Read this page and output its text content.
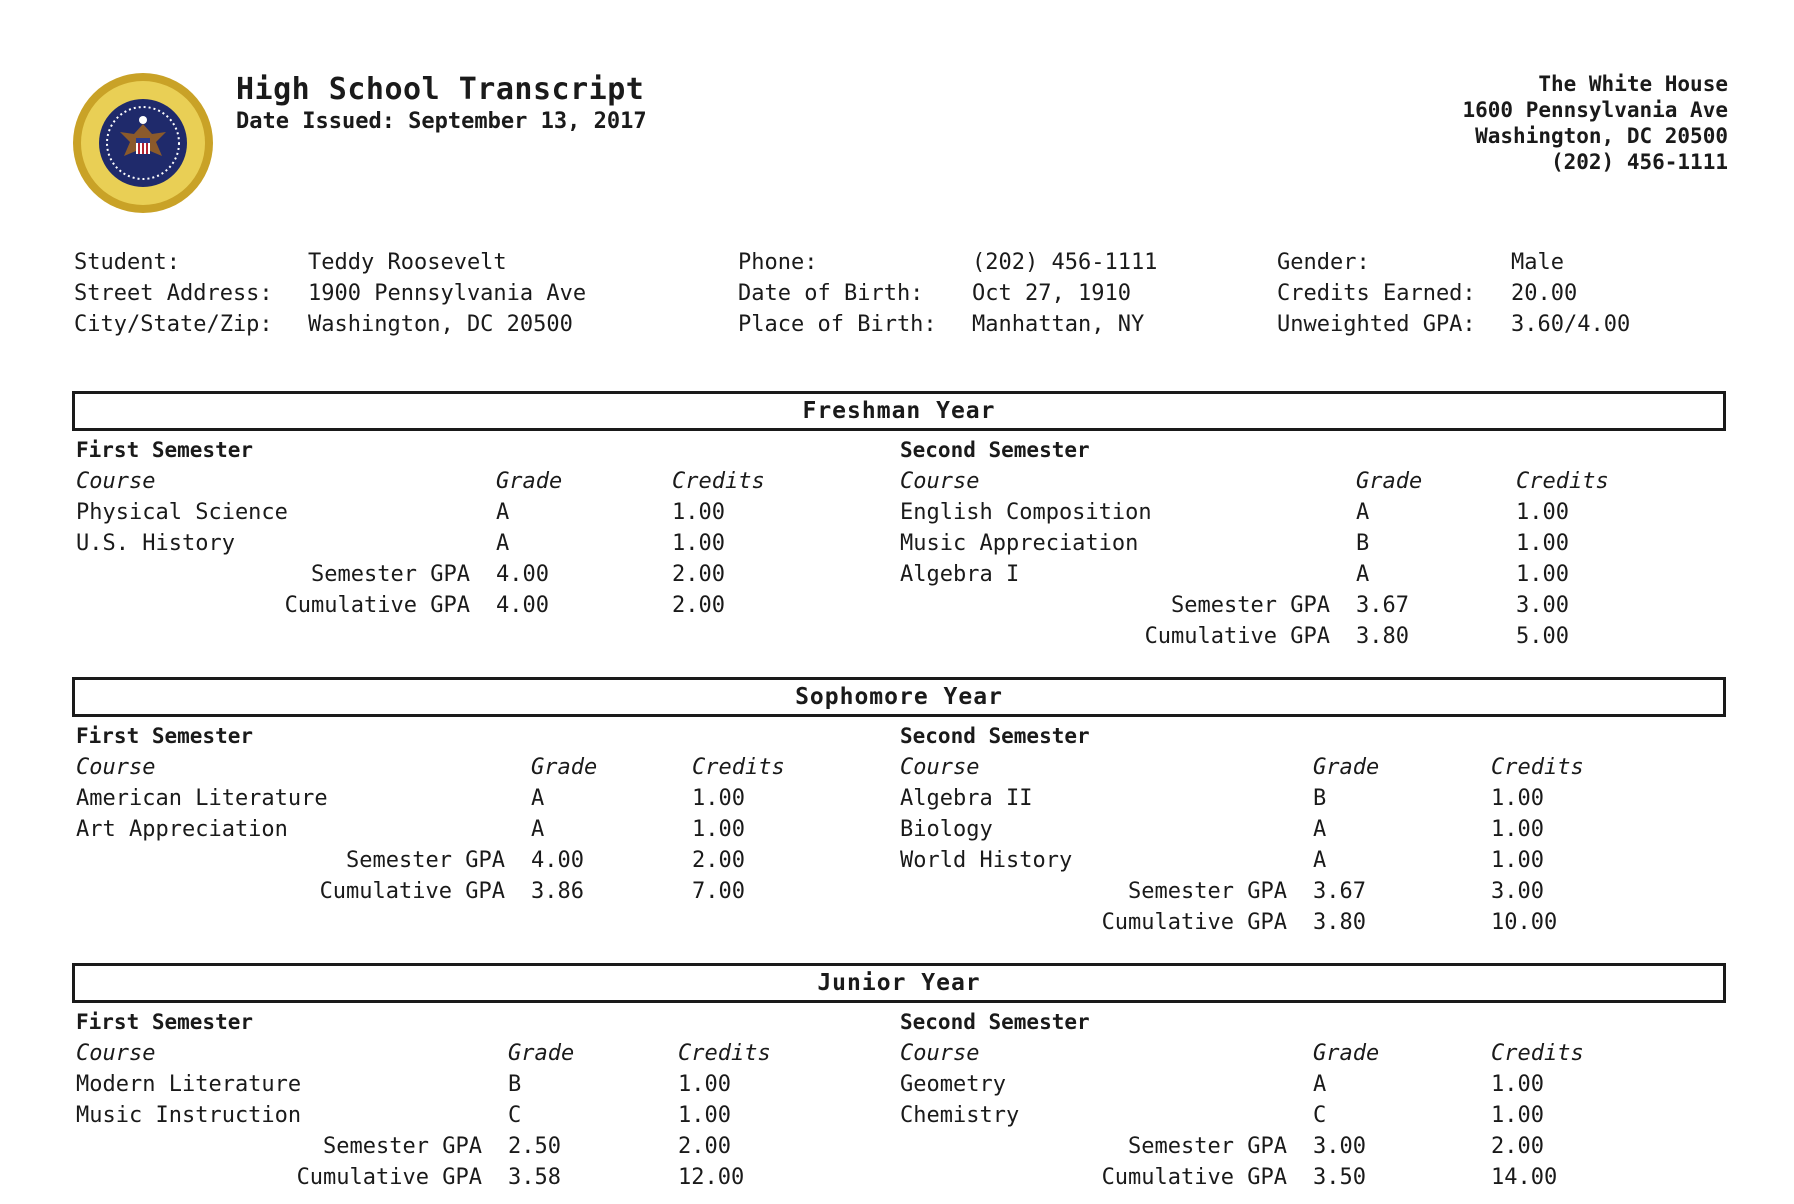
High School Transcript
Date Issued: September 13, 2017
The White House
1600 Pennsylvania Ave
Washington, DC 20500
(202) 456-1111
Student:	Teddy Roosevelt
Street Address: 1900 Pennsylvania Ave
City/State/Zip: Washington, DC 20500
Phone:	(202) 456-1111
Date of Birth: Oct 27, 1910
Place of Birth: Manhattan, NY
Gender:	Male
Credits Earned: 20.00
Unweighted GPA: 3.60/4.00
Freshman Year
First Semester
Course	Grade	Credits
Physical Science	A	1.00
U.S. History	A	1.00
Semester GPA 4.00	2.00
Cumulative GPA 4.00	2.00
Second Semester
Course	Grade	Credits
English Composition	A	1.00
Music Appreciation	B	1.00
Algebra I	A	1.00
Semester GPA 3.67	3.00
Cumulative GPA 3.80	5.00
Sophomore Year
First Semester
Course	Grade	Credits
American Literature	A	1.00
Art Appreciation	A	1.00
Semester GPA 4.00	2.00
Cumulative GPA 3.86	7.00
Second Semester
Course	Grade	Credits
Algebra II	B	1.00
Biology	A	1.00
World History	A	1.00
Semester GPA 3.67	3.00
Cumulative GPA 3.80	10.00
Junior Year
First Semester
Course	Grade	Credits
Modern Literature	B	1.00
Music Instruction	C	1.00
Semester GPA 2.50	2.00
Cumulative GPA 3.58	12.00
Second Semester
Course	Grade	Credits
Geometry	A	1.00
Chemistry	C	1.00
Semester GPA 3.00	2.00
Cumulative GPA 3.50	14.00
